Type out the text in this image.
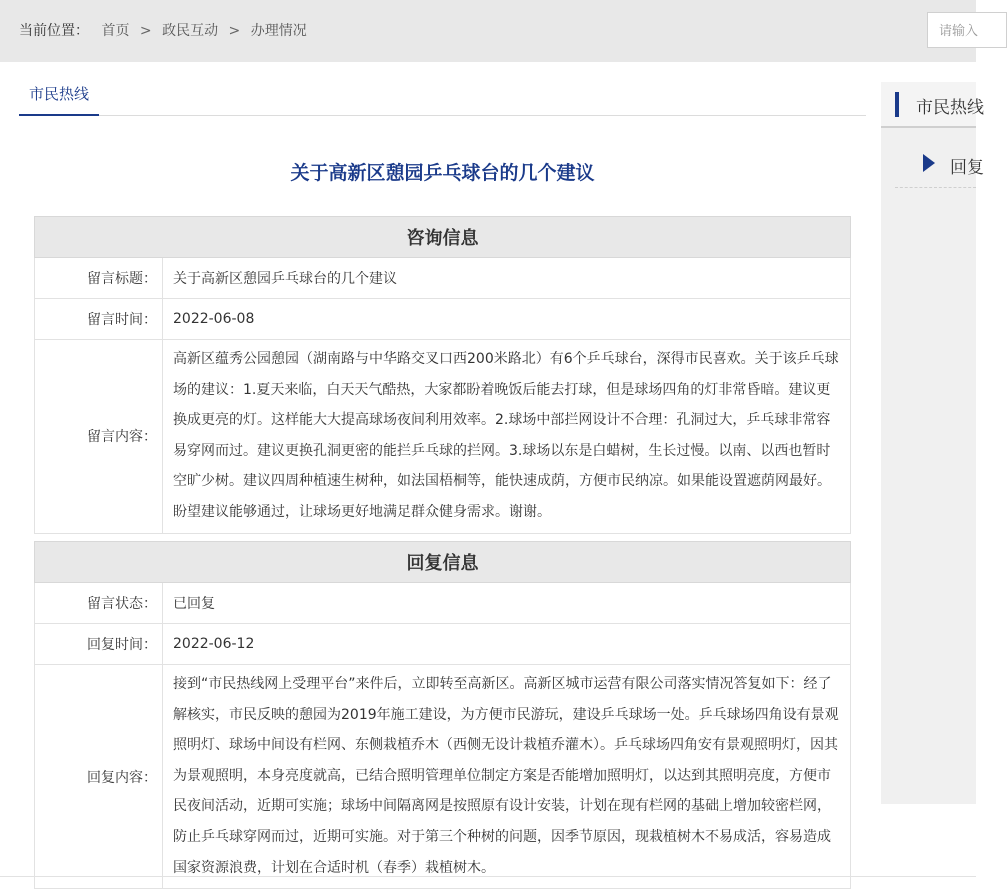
当前位置： 首页 > 政民互动 > 办理情况
请输入
市民热线
关于高新区憩园乒乓球台的几个建议
咨询信息	
留言标题：	关于高新区憩园乒乓球台的几个建议
留言时间：	2022-06-08
留言内容：	高新区蕴秀公园憩园（湖南路与中华路交叉口西200米路北）有6个乒乓球台，深得市民喜欢。关于该乒乓球场的建议：1.夏天来临，白天天气酷热，大家都盼着晚饭后能去打球，但是球场四角的灯非常昏暗。建议更换成更亮的灯。这样能大大提高球场夜间利用效率。2.球场中部拦网设计不合理：孔洞过大，乒乓球非常容易穿网而过。建议更换孔洞更密的能拦乒乓球的拦网。3.球场以东是白蜡树，生长过慢。以南、以西也暂时空旷少树。建议四周种植速生树种，如法国梧桐等，能快速成荫，方便市民纳凉。如果能设置遮荫网最好。盼望建议能够通过，让球场更好地满足群众健身需求。谢谢。
回复信息	
留言状态：	已回复
回复时间：	2022-06-12
回复内容：	接到“市民热线网上受理平台”来件后，立即转至高新区。高新区城市运营有限公司落实情况答复如下：经了解核实，市民反映的憩园为2019年施工建设，为方便市民游玩，建设乒乓球场一处。乒乓球场四角设有景观照明灯、球场中间设有栏网、东侧栽植乔木（西侧无设计栽植乔灌木）。乒乓球场四角安有景观照明灯，因其为景观照明，本身亮度就高，已结合照明管理单位制定方案是否能增加照明灯，以达到其照明亮度，方便市民夜间活动，近期可实施；球场中间隔离网是按照原有设计安装，计划在现有栏网的基础上增加较密栏网，防止乒乓球穿网而过，近期可实施。对于第三个种树的问题，因季节原因，现栽植树木不易成活，容易造成国家资源浪费，计划在合适时机（春季）栽植树木。
市民热线
回复
